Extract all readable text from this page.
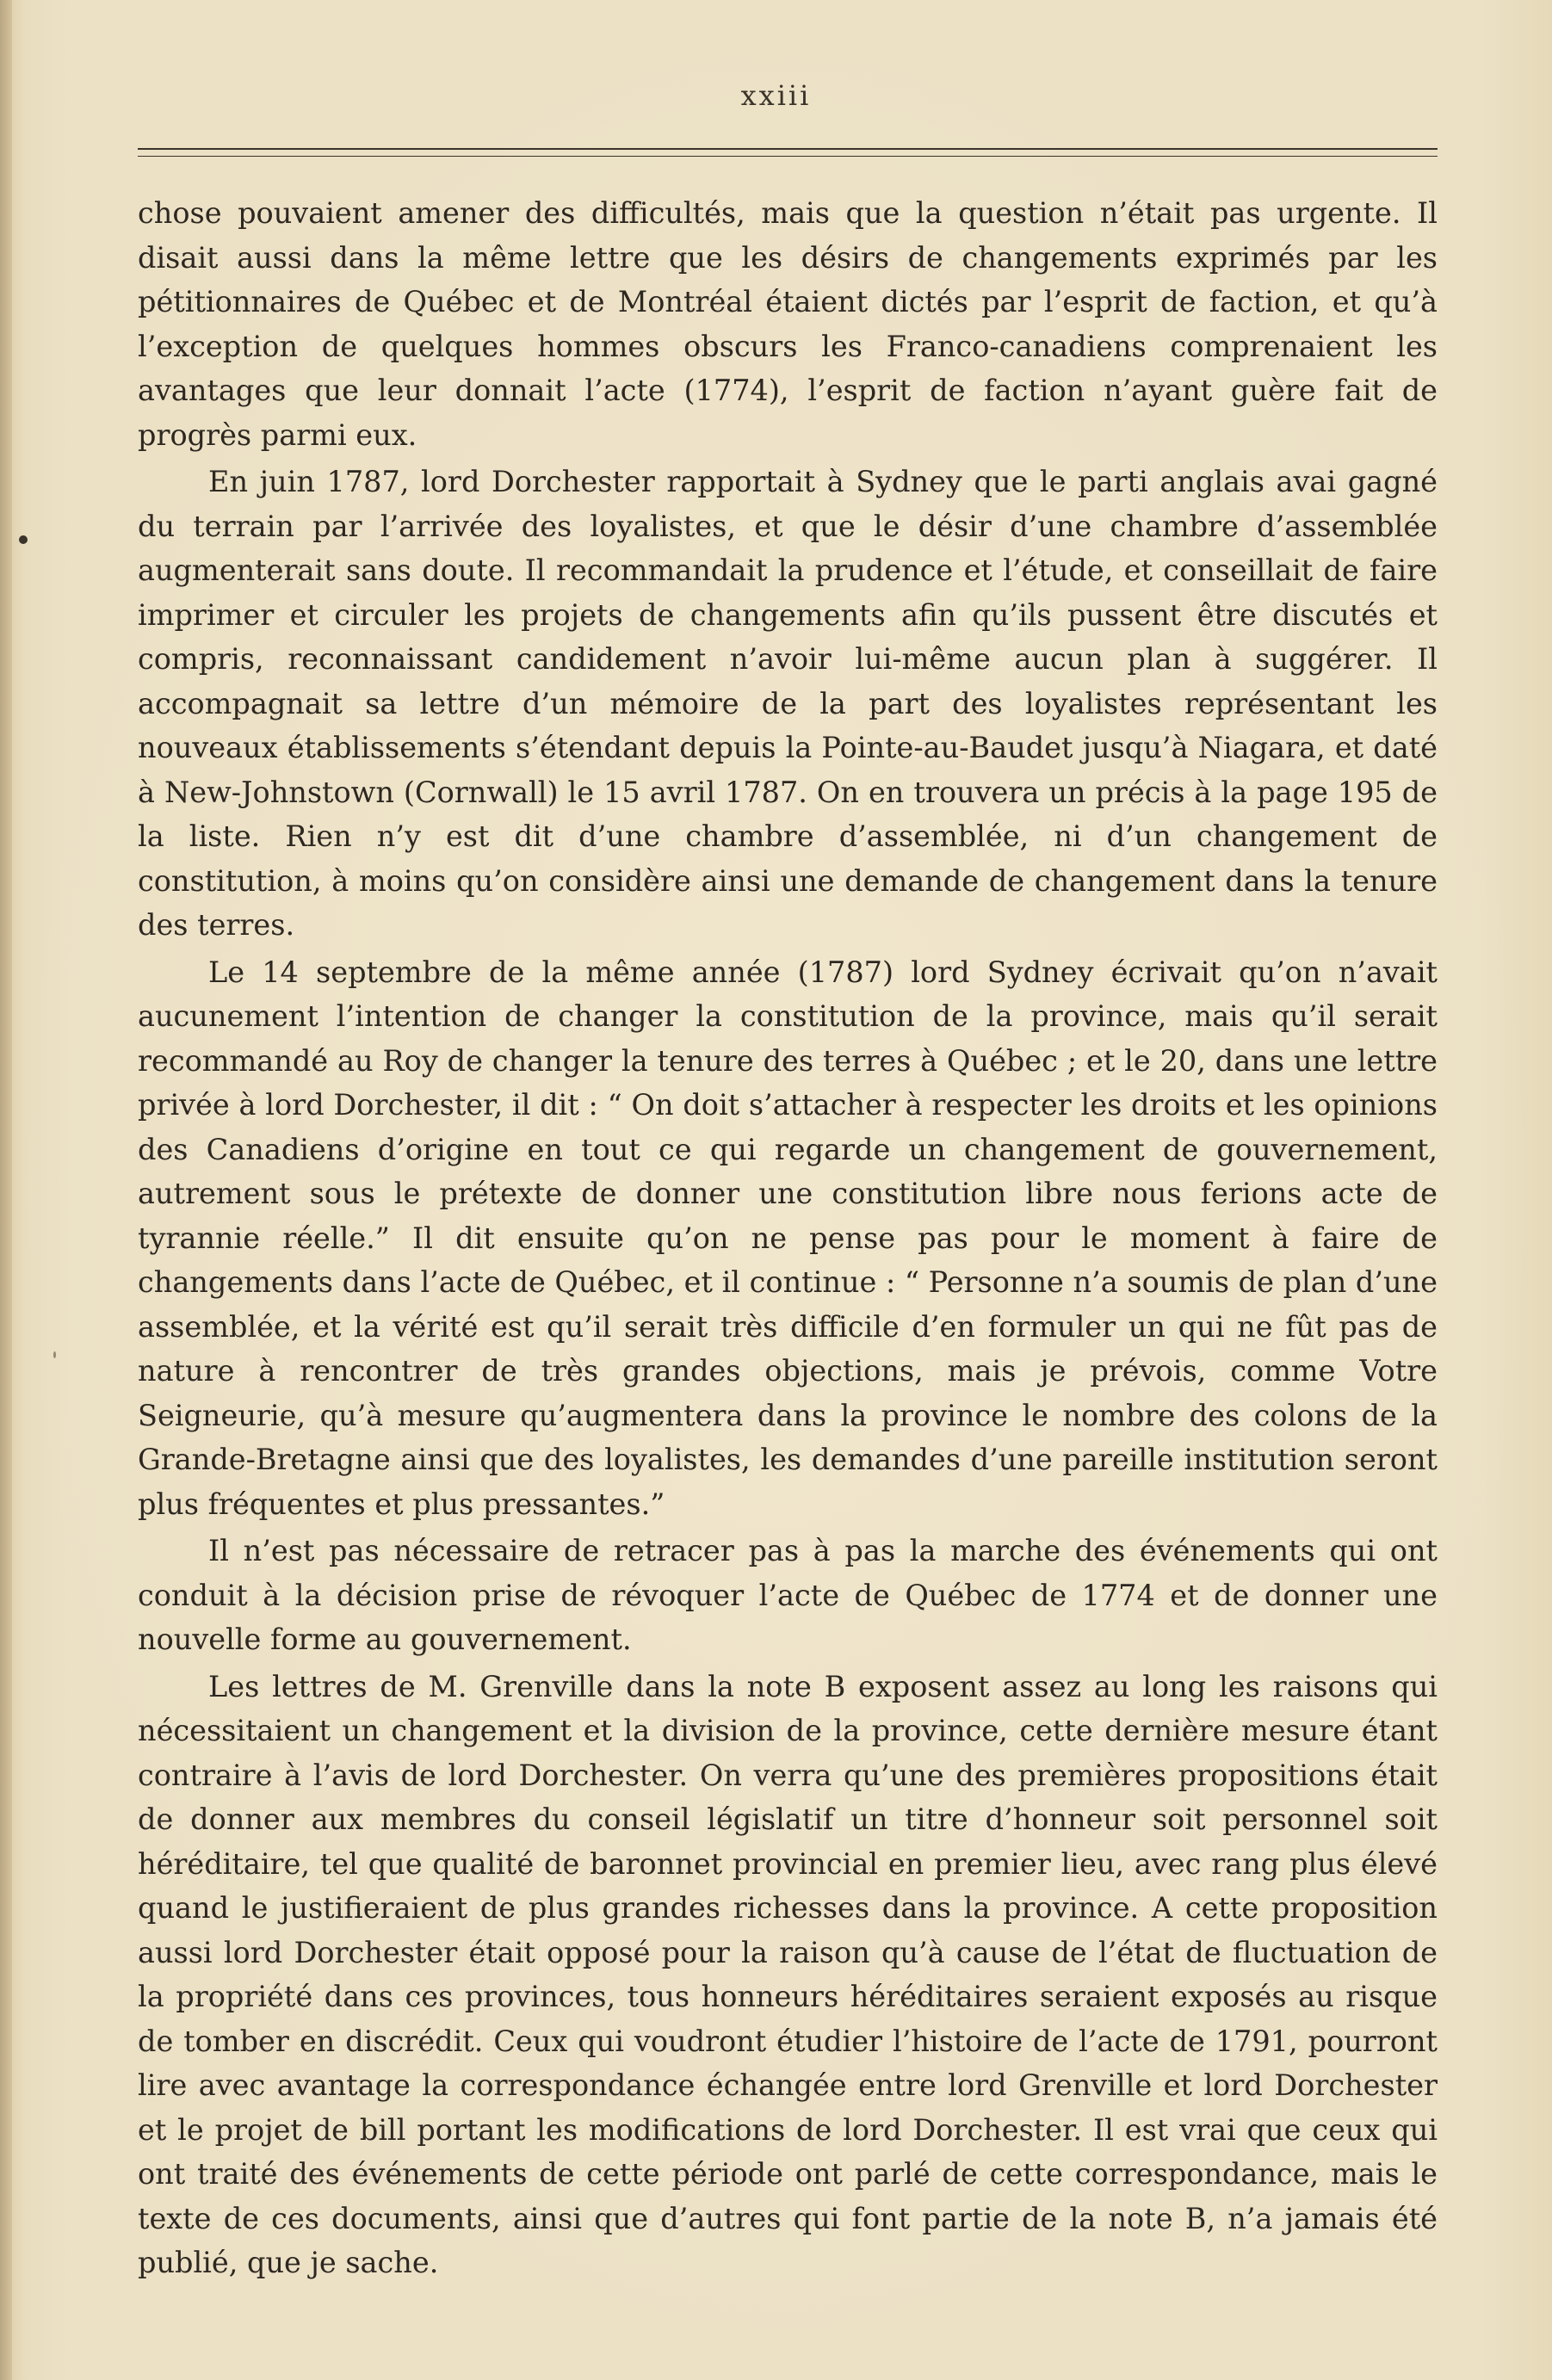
xxiii

chose pouvaient amener des difficultés, mais que la question n’était pas urgente. Il disait aussi dans la même lettre que les désirs de changements exprimés par les pétitionnaires de Québec et de Montréal étaient dictés par l’esprit de faction, et qu’à l’exception de quelques hommes obscurs les Franco-canadiens comprenaient les avantages que leur donnait l’acte (1774), l’esprit de faction n’ayant guère fait de progrès parmi eux.

En juin 1787, lord Dorchester rapportait à Sydney que le parti anglais avai gagné du terrain par l’arrivée des loyalistes, et que le désir d’une chambre d’assemblée augmenterait sans doute. Il recommandait la prudence et l’étude, et conseillait de faire imprimer et circuler les projets de changements afin qu’ils pussent être discutés et compris, reconnaissant candidement n’avoir lui-même aucun plan à suggérer. Il accompagnait sa lettre d’un mémoire de la part des loyalistes représentant les nouveaux établissements s’étendant depuis la Pointe-au-Baudet jusqu’à Niagara, et daté à New-Johnstown (Cornwall) le 15 avril 1787. On en trouvera un précis à la page 195 de la liste. Rien n’y est dit d’une chambre d’assemblée, ni d’un changement de constitution, à moins qu’on considère ainsi une demande de changement dans la tenure des terres.

Le 14 septembre de la même année (1787) lord Sydney écrivait qu’on n’avait aucunement l’intention de changer la constitution de la province, mais qu’il serait recommandé au Roy de changer la tenure des terres à Québec ; et le 20, dans une lettre privée à lord Dorchester, il dit : “ On doit s’attacher à respecter les droits et les opinions des Canadiens d’origine en tout ce qui regarde un changement de gouvernement, autrement sous le prétexte de donner une constitution libre nous ferions acte de tyrannie réelle.” Il dit ensuite qu’on ne pense pas pour le moment à faire de changements dans l’acte de Québec, et il continue : “ Personne n’a soumis de plan d’une assemblée, et la vérité est qu’il serait très difficile d’en formuler un qui ne fût pas de nature à rencontrer de très grandes objections, mais je prévois, comme Votre Seigneurie, qu’à mesure qu’augmentera dans la province le nombre des colons de la Grande-Bretagne ainsi que des loyalistes, les demandes d’une pareille institution seront plus fréquentes et plus pressantes.”

Il n’est pas nécessaire de retracer pas à pas la marche des événements qui ont conduit à la décision prise de révoquer l’acte de Québec de 1774 et de donner une nouvelle forme au gouvernement.

Les lettres de M. Grenville dans la note B exposent assez au long les raisons qui nécessitaient un changement et la division de la province, cette dernière mesure étant contraire à l’avis de lord Dorchester. On verra qu’une des premières propositions était de donner aux membres du conseil législatif un titre d’honneur soit personnel soit héréditaire, tel que qualité de baronnet provincial en premier lieu, avec rang plus élevé quand le justifieraient de plus grandes richesses dans la province. A cette proposition aussi lord Dorchester était opposé pour la raison qu’à cause de l’état de fluctuation de la propriété dans ces provinces, tous honneurs héréditaires seraient exposés au risque de tomber en discrédit. Ceux qui voudront étudier l’histoire de l’acte de 1791, pourront lire avec avantage la correspondance échangée entre lord Grenville et lord Dorchester et le projet de bill portant les modifications de lord Dorchester. Il est vrai que ceux qui ont traité des événements de cette période ont parlé de cette correspondance, mais le texte de ces documents, ainsi que d’autres qui font partie de la note B, n’a jamais été publié, que je sache.
